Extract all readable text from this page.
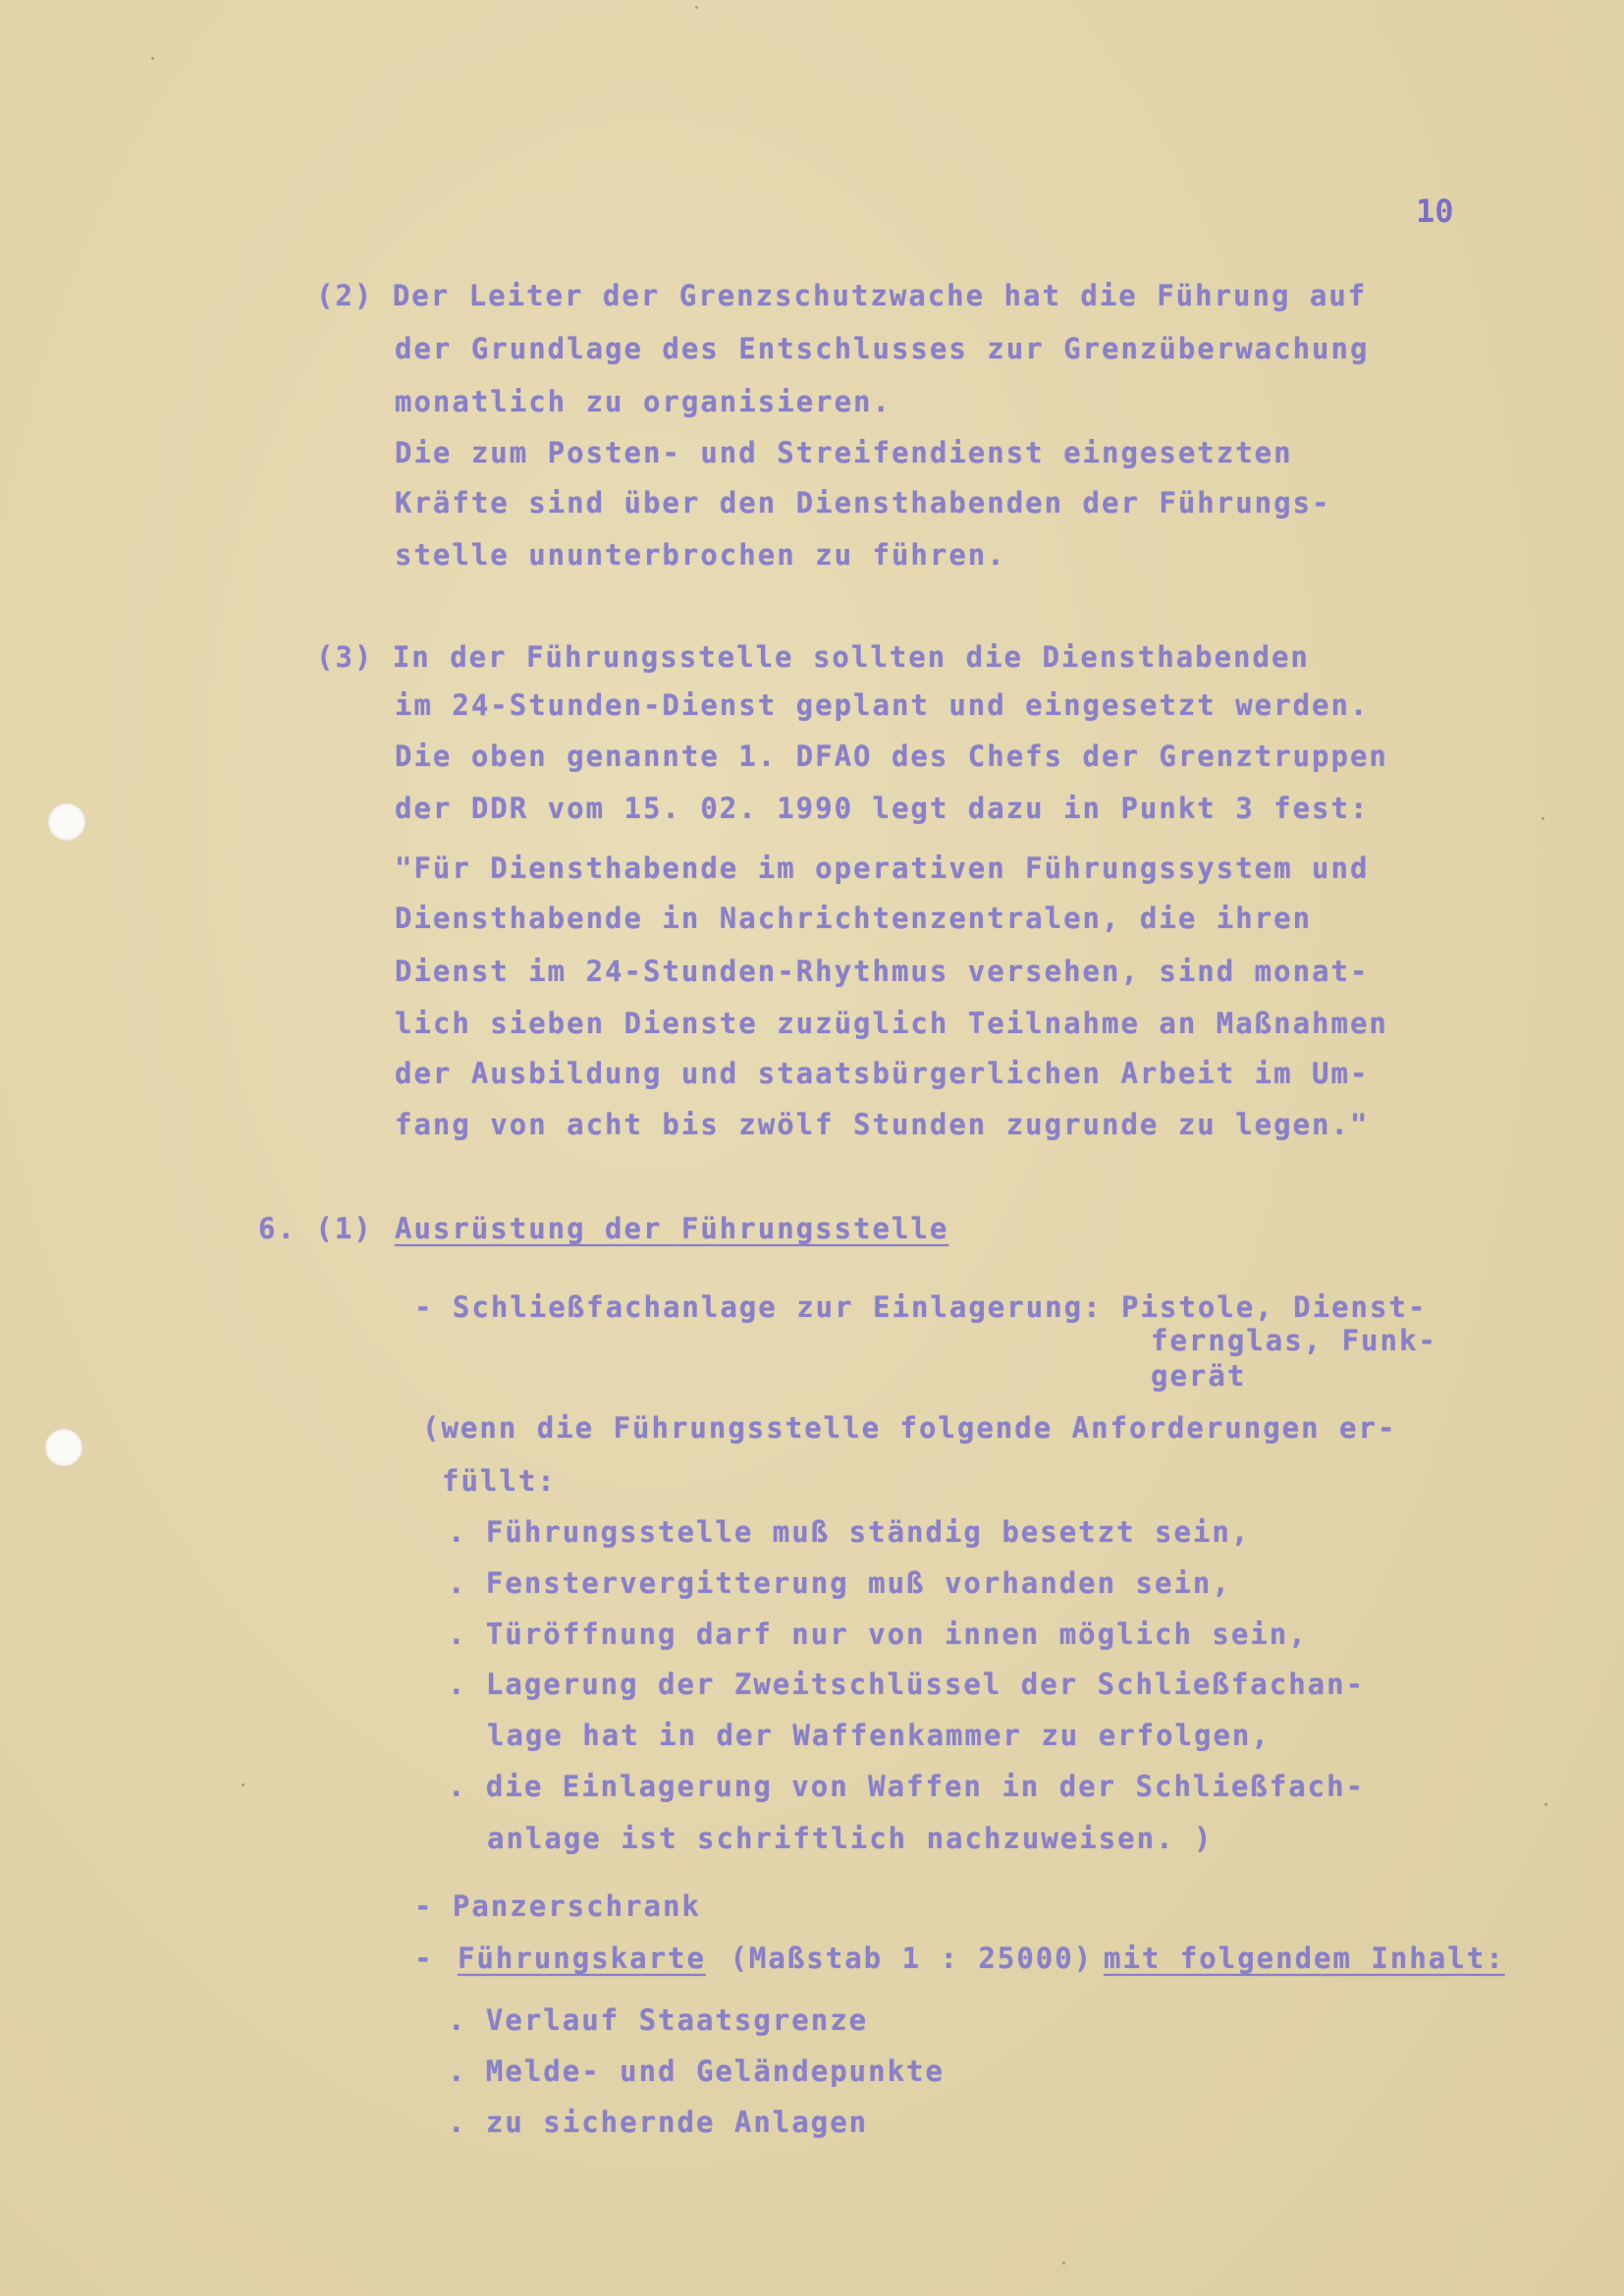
10
(2) Der Leiter der Grenzschutzwache hat die Führung auf
der Grundlage des Entschlusses zur Grenzüberwachung
monatlich zu organisieren.
Die zum Posten- und Streifendienst eingesetzten
Kräfte sind über den Diensthabenden der Führungs-
stelle ununterbrochen zu führen.
(3) In der Führungsstelle sollten die Diensthabenden
im 24-Stunden-Dienst geplant und eingesetzt werden.
Die oben genannte 1. DFAO des Chefs der Grenztruppen
der DDR vom 15. 02. 1990 legt dazu in Punkt 3 fest:
"Für Diensthabende im operativen Führungssystem und
Diensthabende in Nachrichtenzentralen, die ihren
Dienst im 24-Stunden-Rhythmus versehen, sind monat-
lich sieben Dienste zuzüglich Teilnahme an Maßnahmen
der Ausbildung und staatsbürgerlichen Arbeit im Um-
fang von acht bis zwölf Stunden zugrunde zu legen."
6. (1) Ausrüstung der Führungsstelle
- Schließfachanlage zur Einlagerung: Pistole, Dienst-
fernglas, Funk-
gerät
(wenn die Führungsstelle folgende Anforderungen er-
füllt:
. Führungsstelle muß ständig besetzt sein,
. Fenstervergitterung muß vorhanden sein,
. Türöffnung darf nur von innen möglich sein,
. Lagerung der Zweitschlüssel der Schließfachan-
lage hat in der Waffenkammer zu erfolgen,
. die Einlagerung von Waffen in der Schließfach-
anlage ist schriftlich nachzuweisen. )
- Panzerschrank
- Führungskarte (Maßstab 1 : 25000)
mit folgendem Inhalt:
. Verlauf Staatsgrenze
. Melde- und Geländepunkte
. zu sichernde Anlagen
